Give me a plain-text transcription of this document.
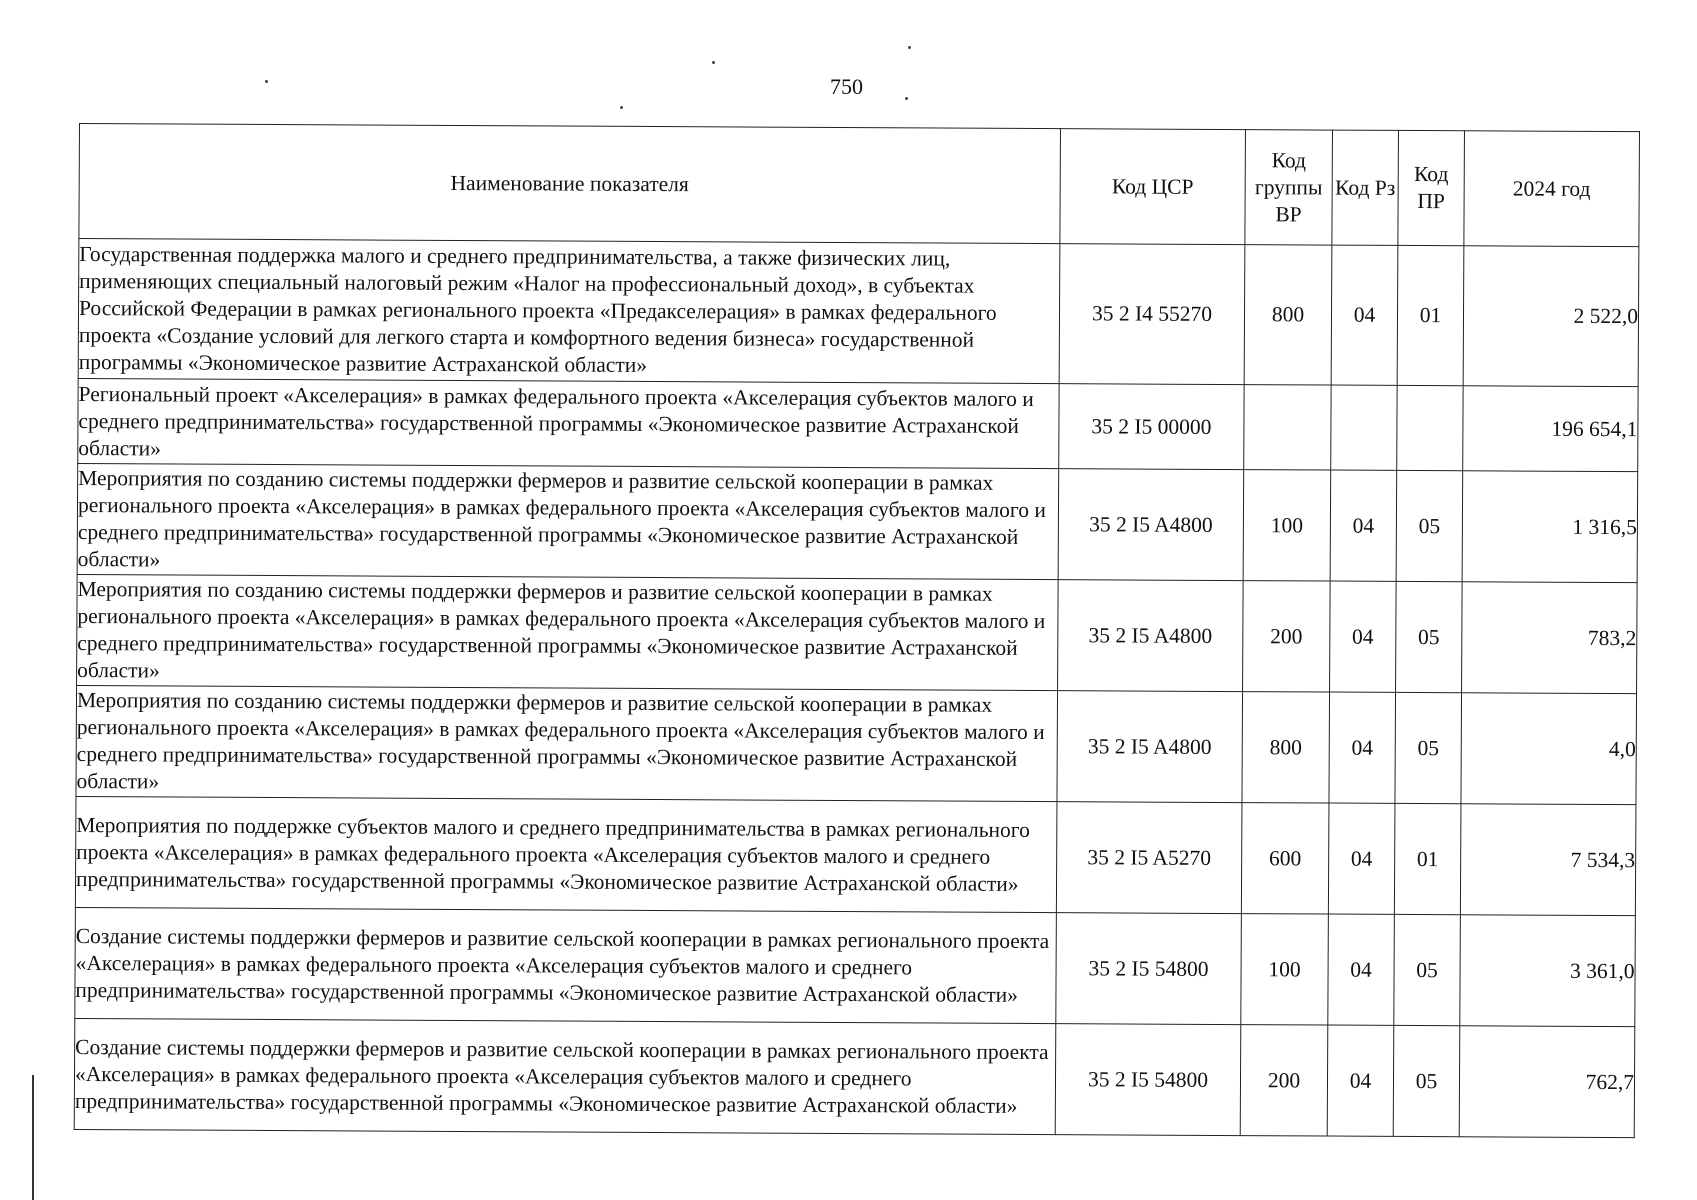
750
Наименование показателя	Код ЦСР	Код группы ВР	Код Рз	Код ПР	2024 год
Государственная поддержка малого и среднего предпринимательства, а также физических лиц, применяющих специальный налоговый режим «Налог на профессиональный доход», в субъектах Российской Федерации в рамках регионального проекта «Предакселерация» в рамках федерального проекта «Создание условий для легкого старта и комфортного ведения бизнеса» государственной программы «Экономическое развитие Астраханской области»	35 2 I4 55270	800	04	01	2 522,0
Региональный проект «Акселерация» в рамках федерального проекта «Акселерация субъектов малого и среднего предпринимательства» государственной программы «Экономическое развитие Астраханской области»	35 2 I5 00000				196 654,1
Мероприятия по созданию системы поддержки фермеров и развитие сельской кооперации в рамках регионального проекта «Акселерация» в рамках федерального проекта «Акселерация субъектов малого и среднего предпринимательства» государственной программы «Экономическое развитие Астраханской области»	35 2 I5 A4800	100	04	05	1 316,5
Мероприятия по созданию системы поддержки фермеров и развитие сельской кооперации в рамках регионального проекта «Акселерация» в рамках федерального проекта «Акселерация субъектов малого и среднего предпринимательства» государственной программы «Экономическое развитие Астраханской области»	35 2 I5 A4800	200	04	05	783,2
Мероприятия по созданию системы поддержки фермеров и развитие сельской кооперации в рамках регионального проекта «Акселерация» в рамках федерального проекта «Акселерация субъектов малого и среднего предпринимательства» государственной программы «Экономическое развитие Астраханской области»	35 2 I5 A4800	800	04	05	4,0
Мероприятия по поддержке субъектов малого и среднего предпринимательства в рамках регионального проекта «Акселерация» в рамках федерального проекта «Акселерация субъектов малого и среднего предпринимательства» государственной программы «Экономическое развитие Астраханской области»	35 2 I5 A5270	600	04	01	7 534,3
Создание системы поддержки фермеров и развитие сельской кооперации в рамках регионального проекта «Акселерация» в рамках федерального проекта «Акселерация субъектов малого и среднего предпринимательства» государственной программы «Экономическое развитие Астраханской области»	35 2 I5 54800	100	04	05	3 361,0
Создание системы поддержки фермеров и развитие сельской кооперации в рамках регионального проекта «Акселерация» в рамках федерального проекта «Акселерация субъектов малого и среднего предпринимательства» государственной программы «Экономическое развитие Астраханской области»	35 2 I5 54800	200	04	05	762,7
